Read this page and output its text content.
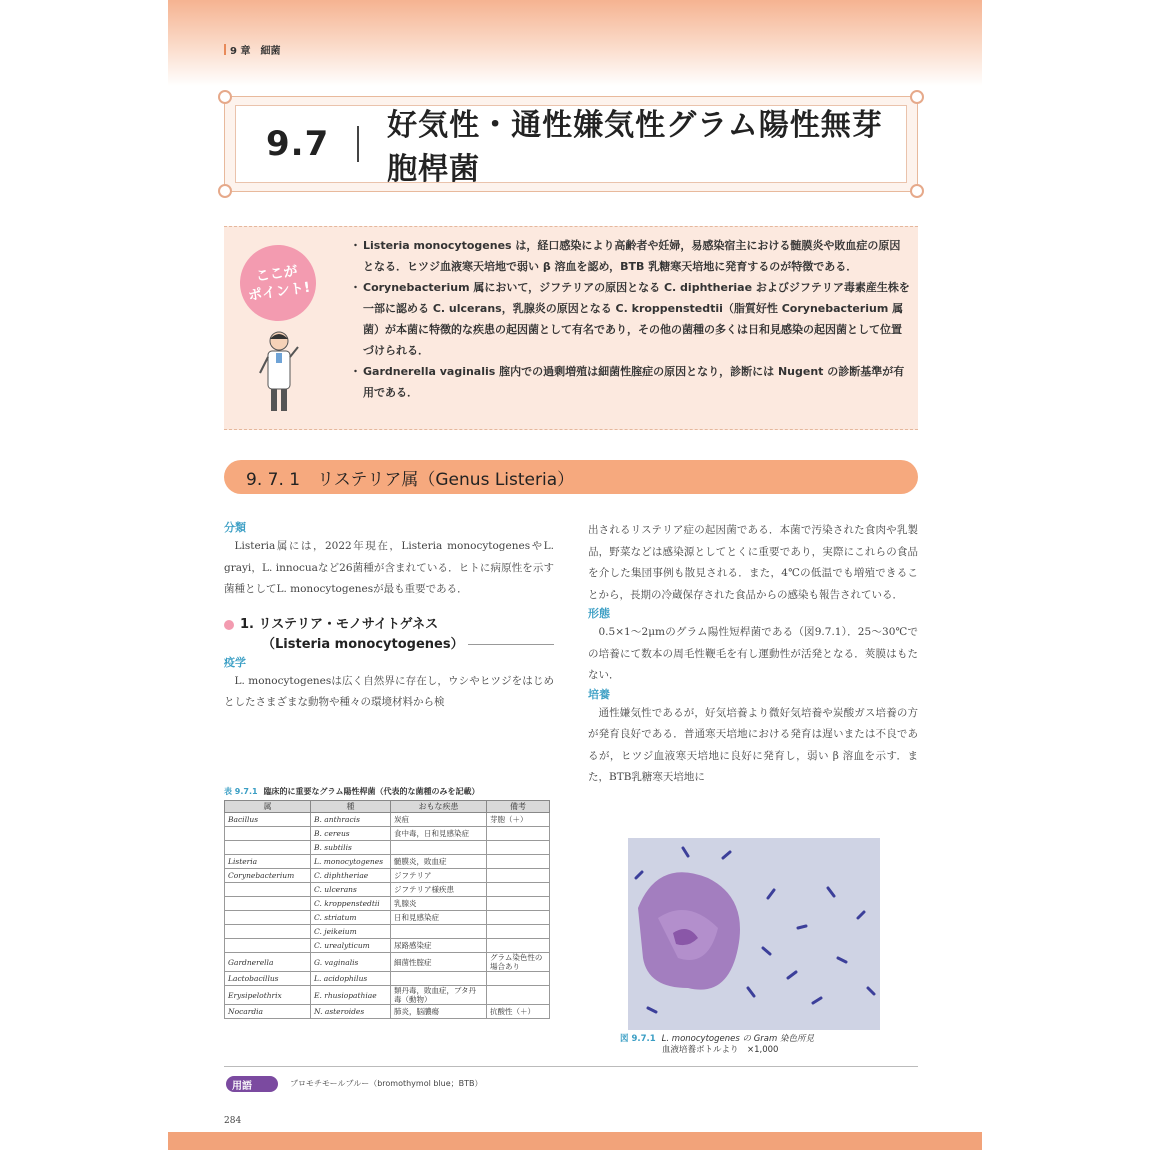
9 章　細菌
9.7	好気性・通性嫌気性グラム陽性無芽胞桿菌
ここが
ポイント!
・ Listeria monocytogenes は，経口感染により高齢者や妊婦，易感染宿主における髄膜炎や敗血症の原因となる．ヒツジ血液寒天培地で弱い β 溶血を認め，BTB 乳糖寒天培地に発育するのが特徴である．
・ Corynebacterium 属において，ジフテリアの原因となる C. diphtheriae およびジフテリア毒素産生株を一部に認める C. ulcerans，乳腺炎の原因となる C. kroppenstedtii（脂質好性 Corynebacterium 属菌）が本菌に特徴的な疾患の起因菌として有名であり，その他の菌種の多くは日和見感染の起因菌として位置づけられる．
・ Gardnerella vaginalis 腟内での過剰増殖は細菌性腟症の原因となり，診断には Nugent の診断基準が有用である．
9. 7. 1　リステリア属（Genus Listeria）
分類

Listeria属には，2022年現在，Listeria monocytogenesやL. grayi，L. innocuaなど26菌種が含まれている．ヒトに病原性を示す菌種としてL. monocytogenesが最も重要である．

1. リステリア・モノサイトゲネス
（Listeria monocytogenes）
疫学

L. monocytogenesは広く自然界に存在し，ウシやヒツジをはじめとしたさまざまな動物や種々の環境材料から検

出されるリステリア症の起因菌である．本菌で汚染された食肉や乳製品，野菜などは感染源としてとくに重要であり，実際にこれらの食品を介した集団事例も散見される．また，4℃の低温でも増殖できることから，長期の冷蔵保存された食品からの感染も報告されている．

形態

0.5×1〜2μmのグラム陽性短桿菌である（図9.7.1）．25〜30℃での培養にて数本の周毛性鞭毛を有し運動性が活発となる．莢膜はもたない．

培養

通性嫌気性であるが，好気培養より微好気培養や炭酸ガス培養の方が発育良好である．普通寒天培地における発育は遅いまたは不良であるが，ヒツジ血液寒天培地に良好に発育し，弱い β 溶血を示す．また，BTB乳糖寒天培地に

表 9.7.1 臨床的に重要なグラム陽性桿菌（代表的な菌種のみを記載）
属	種	おもな疾患	備考
Bacillus	B. anthracis	炭疽	芽胞（＋）
	B. cereus	食中毒，日和見感染症	
	B. subtilis		
Listeria	L. monocytogenes	髄膜炎，敗血症	
Corynebacterium	C. diphtheriae	ジフテリア	
	C. ulcerans	ジフテリア様疾患	
	C. kroppenstedtii	乳腺炎	
	C. striatum	日和見感染症	
	C. jeikeium		
	C. urealyticum	尿路感染症	
Gardnerella	G. vaginalis	細菌性腟症	グラム染色性の場合あり
Lactobacillus	L. acidophilus		
Erysipelothrix	E. rhusiopathiae	類丹毒，敗血症，ブタ丹毒（動物）	
Nocardia	N. asteroides	肺炎，脳膿瘍	抗酸性（＋）
図 9.7.1 L. monocytogenes の Gram 染色所見
血液培養ボトルより　×1,000
用語	ブロモチモールブルー（bromothymol blue；BTB）
284
